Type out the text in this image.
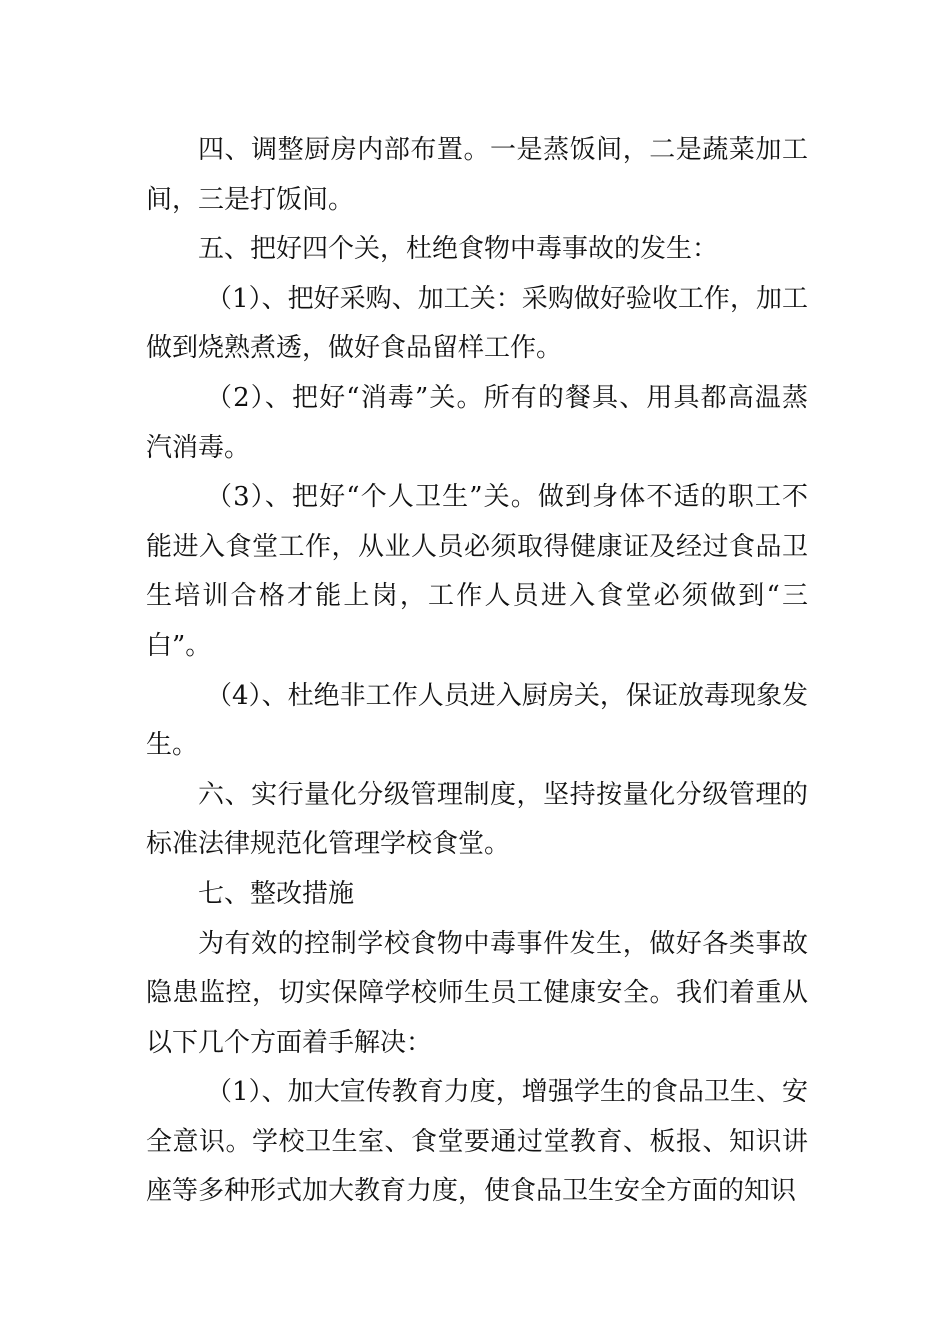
四、调整厨房内部布置。一是蒸饭间，二是蔬菜加工间，三是打饭间。

五、把好四个关，杜绝食物中毒事故的发生：

（1）、把好采购、加工关：采购做好验收工作，加工做到烧熟煮透，做好食品留样工作。

（2）、把好“消毒”关。所有的餐具、用具都高温蒸汽消毒。

（3）、把好“个人卫生”关。做到身体不适的职工不能进入食堂工作，从业人员必须取得健康证及经过食品卫生培训合格才能上岗，工作人员进入食堂必须做到“三白”。

（4）、杜绝非工作人员进入厨房关，保证放毒现象发生。

六、实行量化分级管理制度，坚持按量化分级管理的标准法律规范化管理学校食堂。

七、整改措施

为有效的控制学校食物中毒事件发生，做好各类事故隐患监控，切实保障学校师生员工健康安全。我们着重从以下几个方面着手解决：

（1）、加大宣传教育力度，增强学生的食品卫生、安全意识。学校卫生室、食堂要通过堂教育、板报、知识讲座等多种形式加大教育力度，使食品卫生安全方面的知识
